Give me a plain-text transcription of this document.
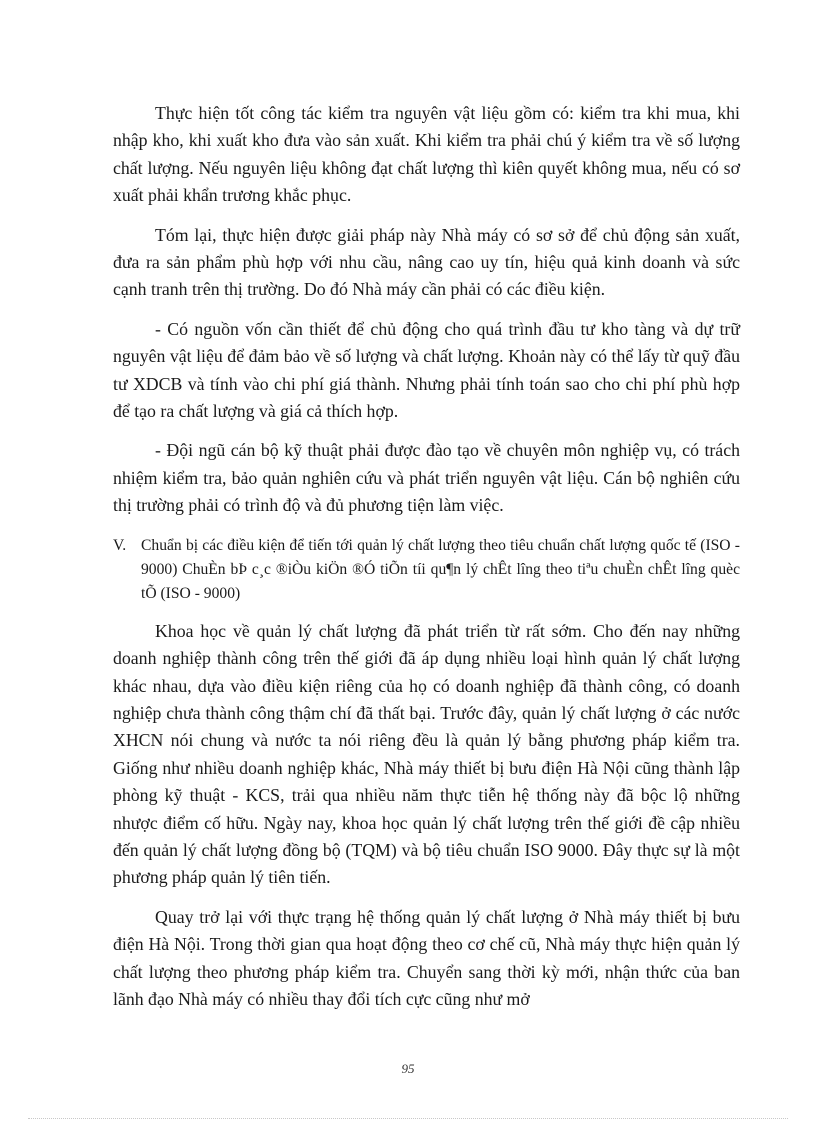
Thực hiện tốt công tác kiểm tra nguyên vật liệu gồm có: kiểm tra khi mua, khi nhập kho, khi xuất kho đưa vào sản xuất. Khi kiểm tra phải chú ý kiểm tra về số lượng chất lượng. Nếu nguyên liệu không đạt chất lượng thì kiên quyết không mua, nếu có sơ xuất phải khẩn trương khắc phục.

Tóm lại, thực hiện được giải pháp này Nhà máy có sơ sở để chủ động sản xuất, đưa ra sản phẩm phù hợp với nhu cầu, nâng cao uy tín, hiệu quả kinh doanh và sức cạnh tranh trên thị trường. Do đó Nhà máy cần phải có các điều kiện.

- Có nguồn vốn cần thiết để chủ động cho quá trình đầu tư kho tàng và dự trữ nguyên vật liệu để đảm bảo về số lượng và chất lượng. Khoản này có thể lấy từ quỹ đầu tư XDCB và tính vào chi phí giá thành. Nhưng phải tính toán sao cho chi phí phù hợp để tạo ra chất lượng và giá cả thích hợp.

- Đội ngũ cán bộ kỹ thuật phải được đào tạo về chuyên môn nghiệp vụ, có trách nhiệm kiểm tra, bảo quản nghiên cứu và phát triển nguyên vật liệu. Cán bộ nghiên cứu thị trường phải có trình độ và đủ phương tiện làm việc.

V. Chuẩn bị các điều kiện để tiến tới quản lý chất lượng theo tiêu chuẩn chất lượng quốc tế (ISO - 9000) ChuÈn bÞ c¸c ®iÒu kiÖn ®Ó tiÕn tíi qu¶n lý chÊt lîng theo tiªu chuÈn chÊt lîng quèc tÕ (ISO - 9000)

Khoa học về quản lý chất lượng đã phát triển từ rất sớm. Cho đến nay những doanh nghiệp thành công trên thế giới đã áp dụng nhiều loại hình quản lý chất lượng khác nhau, dựa vào điều kiện riêng của họ có doanh nghiệp đã thành công, có doanh nghiệp chưa thành công thậm chí đã thất bại. Trước đây, quản lý chất lượng ở các nước XHCN nói chung và nước ta nói riêng đều là quản lý bằng phương pháp kiểm tra. Giống như nhiều doanh nghiệp khác, Nhà máy thiết bị bưu điện Hà Nội cũng thành lập phòng kỹ thuật - KCS, trải qua nhiều năm thực tiễn hệ thống này đã bộc lộ những nhược điểm cố hữu. Ngày nay, khoa học quản lý chất lượng trên thế giới đề cập nhiều đến quản lý chất lượng đồng bộ (TQM) và bộ tiêu chuẩn ISO 9000. Đây thực sự là một phương pháp quản lý tiên tiến.

Quay trở lại với thực trạng hệ thống quản lý chất lượng ở Nhà máy thiết bị bưu điện Hà Nội. Trong thời gian qua hoạt động theo cơ chế cũ, Nhà máy thực hiện quản lý chất lượng theo phương pháp kiểm tra. Chuyển sang thời kỳ mới, nhận thức của ban lãnh đạo Nhà máy có nhiều thay đổi tích cực cũng như mở

95
